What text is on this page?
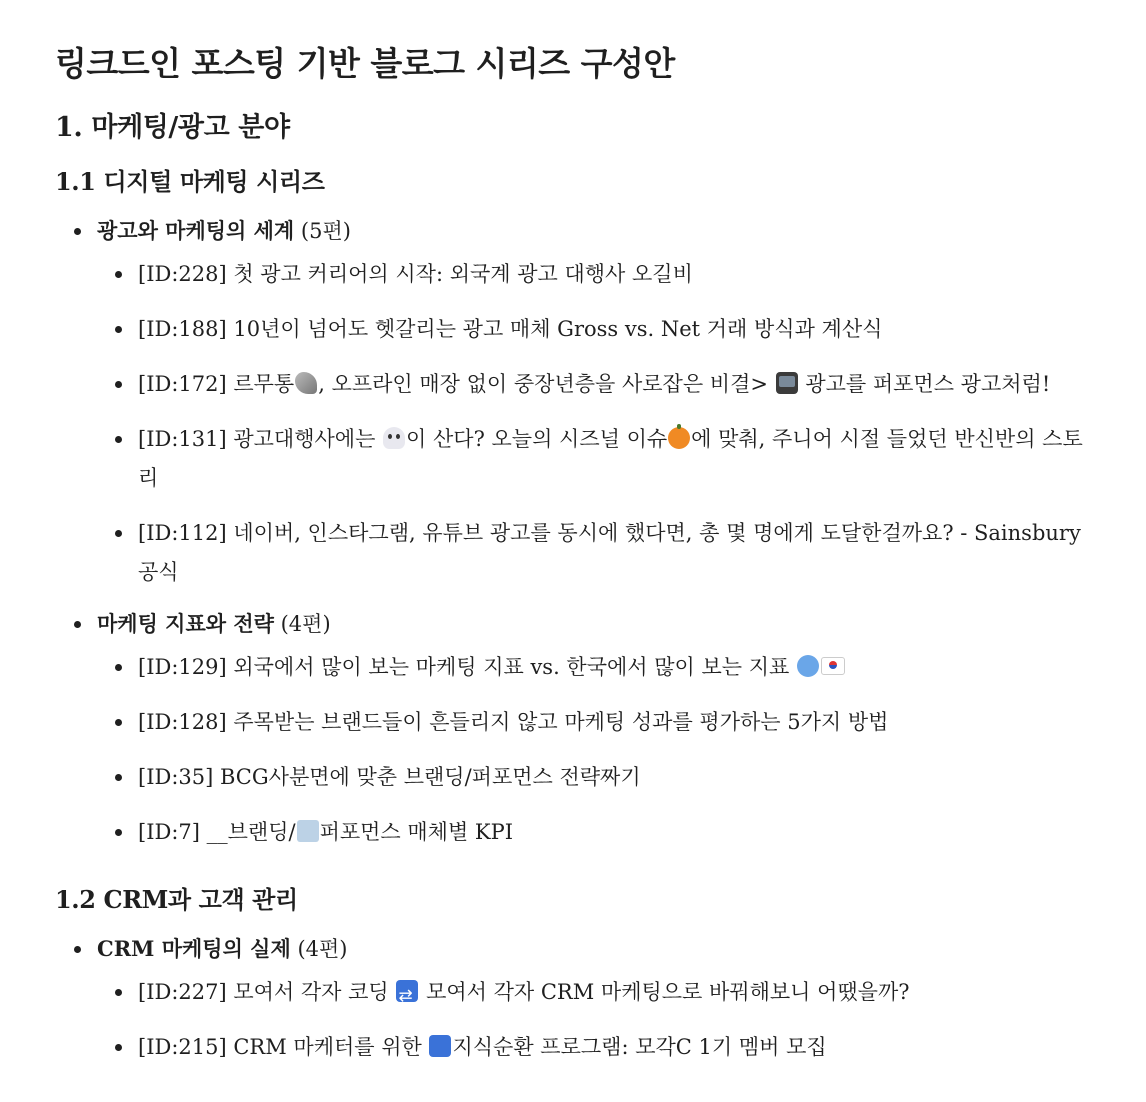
링크드인 포스팅 기반 블로그 시리즈 구성안
1. 마케팅/광고 분야
1.1 디지털 마케팅 시리즈
광고와 마케팅의 세계 (5편)
[ID:228] 첫 광고 커리어의 시작: 외국계 광고 대행사 오길비
[ID:188] 10년이 넘어도 헷갈리는 광고 매체 Gross vs. Net 거래 방식과 계산식
[ID:172] 르무통 , 오프라인 매장 없이 중장년층을 사로잡은 비결>  광고를 퍼포먼스 광고처럼!
[ID:131] 광고대행사에는 이 산다? 오늘의 시즈널 이슈 에 맞춰, 주니어 시절 들었던 반신반의 스토리
[ID:112] 네이버, 인스타그램, 유튜브 광고를 동시에 했다면, 총 몇 명에게 도달한걸까요? - Sainsbury 공식
마케팅 지표와 전략 (4편)
[ID:129] 외국에서 많이 보는 마케팅 지표 vs. 한국에서 많이 보는 지표
[ID:128] 주목받는 브랜드들이 흔들리지 않고 마케팅 성과를 평가하는 5가지 방법
[ID:35] BCG사분면에 맞춘 브랜딩/퍼포먼스 전략짜기
[ID:7] __브랜딩/ 퍼포먼스 매체별 KPI
1.2 CRM과 고객 관리
CRM 마케팅의 실제 (4편)
[ID:227] 모여서 각자 코딩 ⇄ 모여서 각자 CRM 마케팅으로 바꿔해보니 어땠을까?
[ID:215] CRM 마케터를 위한 NEW지식순환 프로그램: 모각C 1기 멤버 모집
